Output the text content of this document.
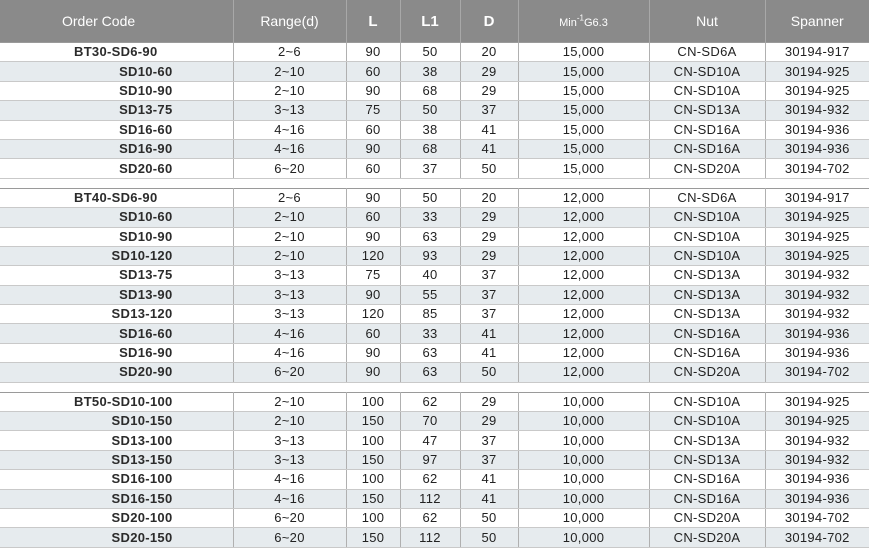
Order Code	Range(d)	L	L1	D	Min$^{-1}$G6.3	Nut	Spanner
BT30-SD6-90	2~6	90	50	20	15,000	CN-SD6A	30194-917
SD10-60	2~10	60	38	29	15,000	CN-SD10A	30194-925
SD10-90	2~10	90	68	29	15,000	CN-SD10A	30194-925
SD13-75	3~13	75	50	37	15,000	CN-SD13A	30194-932
SD16-60	4~16	60	38	41	15,000	CN-SD16A	30194-936
SD16-90	4~16	90	68	41	15,000	CN-SD16A	30194-936
SD20-60	6~20	60	37	50	15,000	CN-SD20A	30194-702

BT40-SD6-90	2~6	90	50	20	12,000	CN-SD6A	30194-917
SD10-60	2~10	60	33	29	12,000	CN-SD10A	30194-925
SD10-90	2~10	90	63	29	12,000	CN-SD10A	30194-925
SD10-120	2~10	120	93	29	12,000	CN-SD10A	30194-925
SD13-75	3~13	75	40	37	12,000	CN-SD13A	30194-932
SD13-90	3~13	90	55	37	12,000	CN-SD13A	30194-932
SD13-120	3~13	120	85	37	12,000	CN-SD13A	30194-932
SD16-60	4~16	60	33	41	12,000	CN-SD16A	30194-936
SD16-90	4~16	90	63	41	12,000	CN-SD16A	30194-936
SD20-90	6~20	90	63	50	12,000	CN-SD20A	30194-702

BT50-SD10-100	2~10	100	62	29	10,000	CN-SD10A	30194-925
SD10-150	2~10	150	70	29	10,000	CN-SD10A	30194-925
SD13-100	3~13	100	47	37	10,000	CN-SD13A	30194-932
SD13-150	3~13	150	97	37	10,000	CN-SD13A	30194-932
SD16-100	4~16	100	62	41	10,000	CN-SD16A	30194-936
SD16-150	4~16	150	112	41	10,000	CN-SD16A	30194-936
SD20-100	6~20	100	62	50	10,000	CN-SD20A	30194-702
SD20-150	6~20	150	112	50	10,000	CN-SD20A	30194-702
